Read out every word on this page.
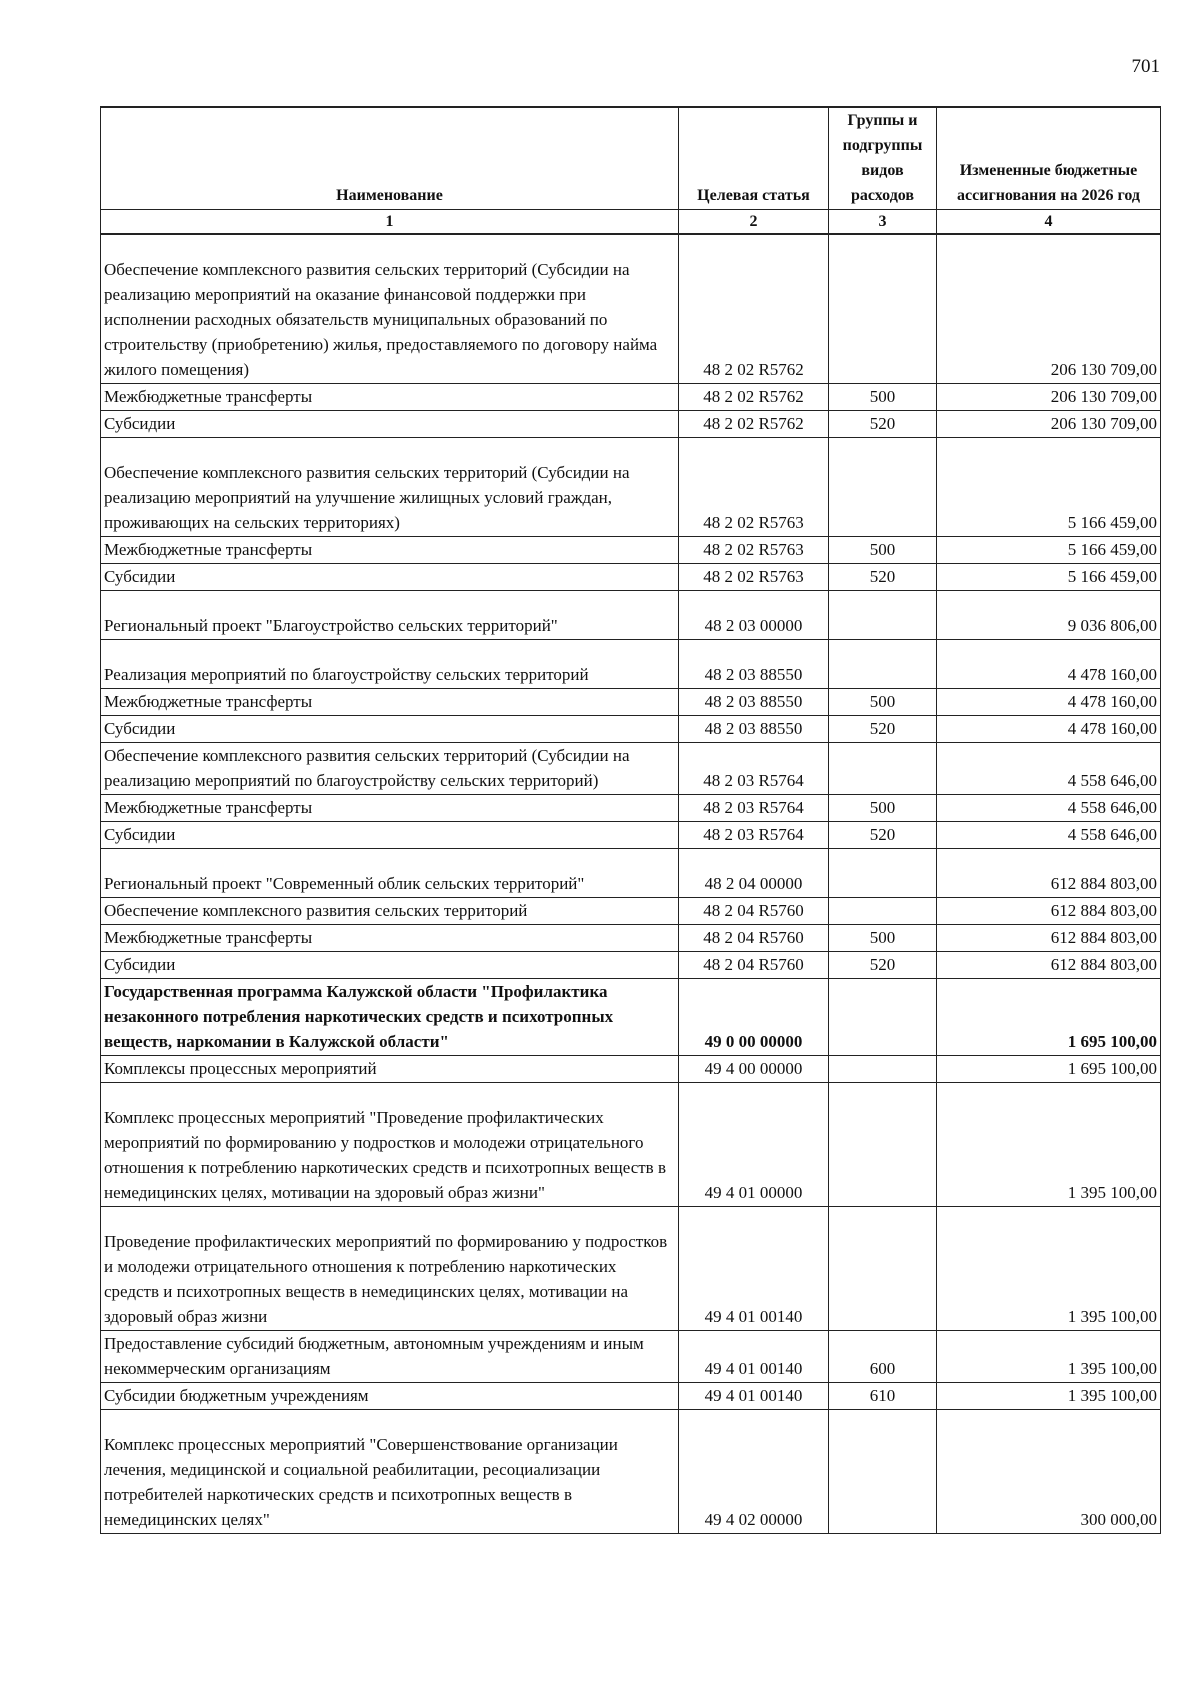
701
Наименование	Целевая статья	Группы и подгруппы видов расходов	Измененные бюджетные ассигнования на 2026 год
1	2	3	4
Обеспечение комплексного развития сельских территорий (Субсидии на реализацию мероприятий на оказание финансовой поддержки при исполнении расходных обязательств муниципальных образований по строительству (приобретению) жилья, предоставляемого по договору найма жилого помещения)	48 2 02 R5762		206 130 709,00
Межбюджетные трансферты	48 2 02 R5762	500	206 130 709,00
Субсидии	48 2 02 R5762	520	206 130 709,00
Обеспечение комплексного развития сельских территорий (Субсидии на реализацию мероприятий на улучшение жилищных условий граждан, проживающих на сельских территориях)	48 2 02 R5763		5 166 459,00
Межбюджетные трансферты	48 2 02 R5763	500	5 166 459,00
Субсидии	48 2 02 R5763	520	5 166 459,00
Региональный проект "Благоустройство сельских территорий"	48 2 03 00000		9 036 806,00
Реализация мероприятий по благоустройству сельских территорий	48 2 03 88550		4 478 160,00
Межбюджетные трансферты	48 2 03 88550	500	4 478 160,00
Субсидии	48 2 03 88550	520	4 478 160,00
Обеспечение комплексного развития сельских территорий (Субсидии на реализацию мероприятий по благоустройству сельских территорий)	48 2 03 R5764		4 558 646,00
Межбюджетные трансферты	48 2 03 R5764	500	4 558 646,00
Субсидии	48 2 03 R5764	520	4 558 646,00
Региональный проект "Современный облик сельских территорий"	48 2 04 00000		612 884 803,00
Обеспечение комплексного развития сельских территорий	48 2 04 R5760		612 884 803,00
Межбюджетные трансферты	48 2 04 R5760	500	612 884 803,00
Субсидии	48 2 04 R5760	520	612 884 803,00
Государственная программа Калужской области "Профилактика незаконного потребления наркотических средств и психотропных веществ, наркомании в Калужской области"	49 0 00 00000		1 695 100,00
Комплексы процессных мероприятий	49 4 00 00000		1 695 100,00
Комплекс процессных мероприятий "Проведение профилактических мероприятий по формированию у подростков и молодежи отрицательного отношения к потреблению наркотических средств и психотропных веществ в немедицинских целях, мотивации на здоровый образ жизни"	49 4 01 00000		1 395 100,00
Проведение профилактических мероприятий по формированию у подростков и молодежи отрицательного отношения к потреблению наркотических средств и психотропных веществ в немедицинских целях, мотивации на здоровый образ жизни	49 4 01 00140		1 395 100,00
Предоставление субсидий бюджетным, автономным учреждениям и иным некоммерческим организациям	49 4 01 00140	600	1 395 100,00
Субсидии бюджетным учреждениям	49 4 01 00140	610	1 395 100,00
Комплекс процессных мероприятий "Совершенствование организации лечения, медицинской и социальной реабилитации, ресоциализации потребителей наркотических средств и психотропных веществ в немедицинских целях"	49 4 02 00000		300 000,00
